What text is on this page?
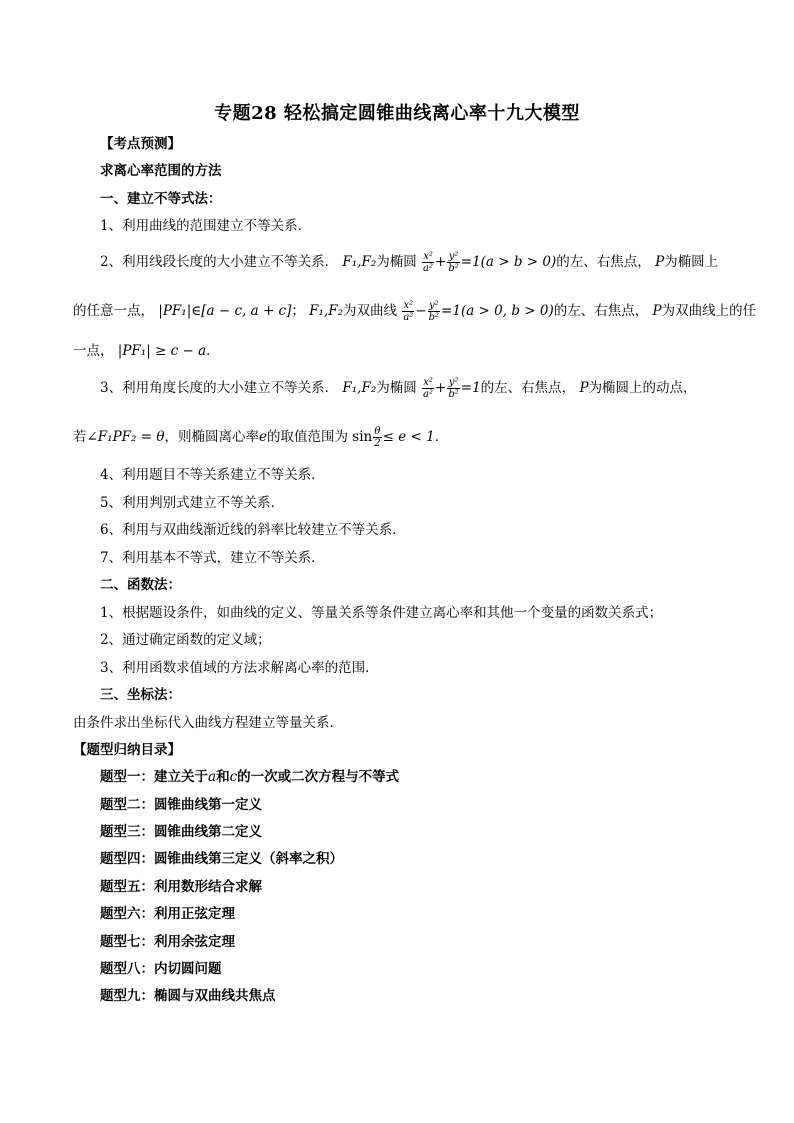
专题28 轻松搞定圆锥曲线离心率十九大模型
【考点预测】
求离心率范围的方法
一、建立不等式法：
1、利用曲线的范围建立不等关系．
2、利用线段长度的大小建立不等关系． F₁,F₂为椭圆 $\frac{\text{x²}}{\text{a²}} + \frac{\text{y²}}{\text{b²}} =1(a > b > 0)$的左、右焦点， P为椭圆上
的任意一点， |PF₁|∈[a − c, a + c]； F₁,F₂为双曲线 $\frac{\text{x²}}{\text{a²}} - \frac{\text{y²}}{\text{b²}} =1(a > 0$, b > 0)的左、右焦点， P为双曲线上的任
一点， |PF₁| ≥ c − a．
3、利用角度长度的大小建立不等关系． F₁,F₂为椭圆 $\frac{\text{x²}}{\text{a²}} + \frac{\text{y²}}{\text{b²}} =1$的左、右焦点， P为椭圆上的动点，
若∠F₁PF₂ = θ，则椭圆离心率e的取值范围为 $\sin \frac{\theta}{2} \le e < 1$．
4、利用题目不等关系建立不等关系．
5、利用判别式建立不等关系．
6、利用与双曲线渐近线的斜率比较建立不等关系．
7、利用基本不等式，建立不等关系．
二、函数法：
1、根据题设条件，如曲线的定义、等量关系等条件建立离心率和其他一个变量的函数关系式；
2、通过确定函数的定义域；
3、利用函数求值域的方法求解离心率的范围．
三、坐标法：
由条件求出坐标代入曲线方程建立等量关系．
【题型归纳目录】
题型一：建立关于a和c的一次或二次方程与不等式
题型二：圆锥曲线第一定义
题型三：圆锥曲线第二定义
题型四：圆锥曲线第三定义（斜率之积）
题型五：利用数形结合求解
题型六：利用正弦定理
题型七：利用余弦定理
题型八：内切圆问题
题型九：椭圆与双曲线共焦点
